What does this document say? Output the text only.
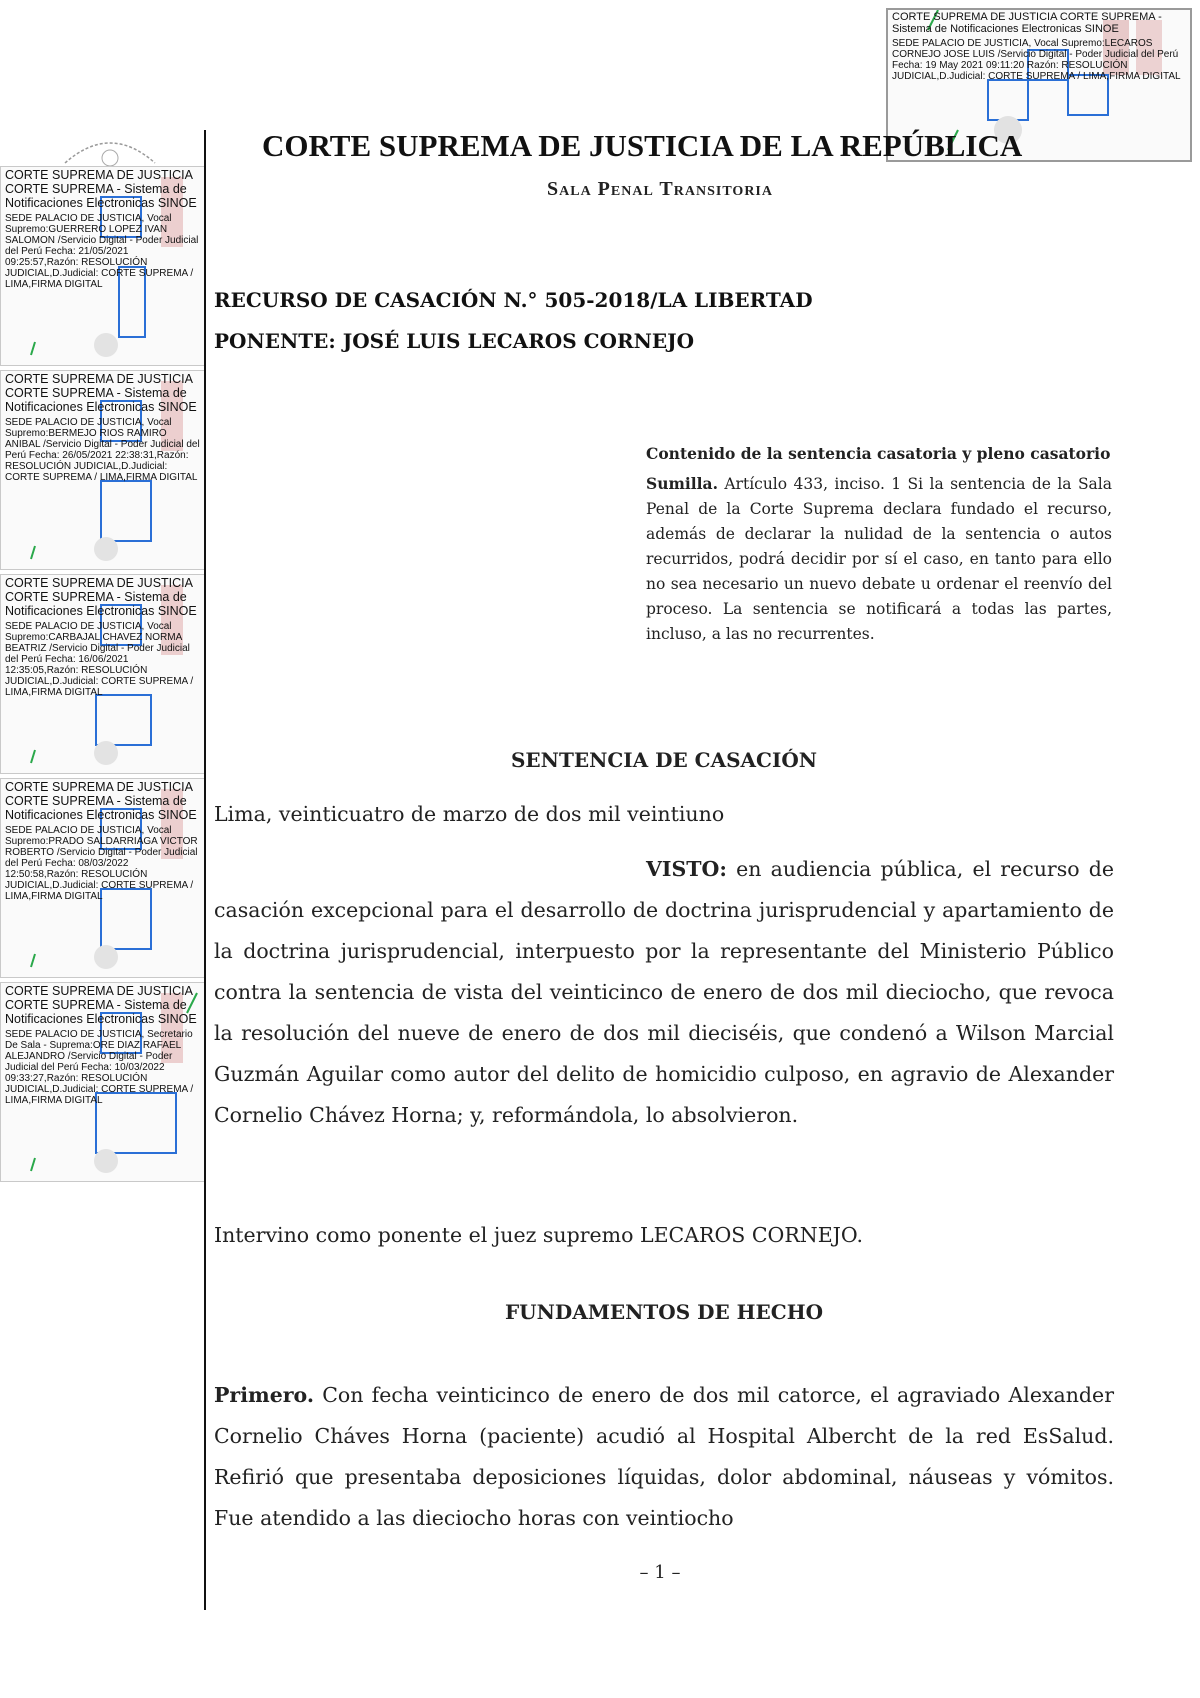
CORTE SUPREMA DE JUSTICIA CORTE SUPREMA - Sistema de Notificaciones Electronicas SINOE
SEDE PALACIO DE JUSTICIA, Vocal Supremo:LECAROS CORNEJO JOSE LUIS /Servicio Digital - Poder Judicial del Perú Fecha: 19 May 2021 09:11:20 Razón: RESOLUCIÓN JUDICIAL,D.Judicial: CORTE SUPREMA / LIMA,FIRMA DIGITAL
CORTE SUPREMA DE JUSTICIA CORTE SUPREMA - Sistema de Notificaciones Electronicas SINOE
SEDE PALACIO DE JUSTICIA, Vocal Supremo:GUERRERO LOPEZ IVAN SALOMON /Servicio Digital - Poder Judicial del Perú Fecha: 21/05/2021 09:25:57,Razón: RESOLUCIÓN JUDICIAL,D.Judicial: CORTE SUPREMA / LIMA,FIRMA DIGITAL
CORTE SUPREMA DE JUSTICIA CORTE SUPREMA - Sistema de Notificaciones Electronicas SINOE
SEDE PALACIO DE JUSTICIA, Vocal Supremo:BERMEJO RIOS RAMIRO ANIBAL /Servicio Digital - Poder Judicial del Perú Fecha: 26/05/2021 22:38:31,Razón: RESOLUCIÓN JUDICIAL,D.Judicial: CORTE SUPREMA / LIMA,FIRMA DIGITAL
CORTE SUPREMA DE JUSTICIA CORTE SUPREMA - Sistema de Notificaciones Electronicas SINOE
SEDE PALACIO DE JUSTICIA, Vocal Supremo:CARBAJAL CHAVEZ NORMA BEATRIZ /Servicio Digital - Poder Judicial del Perú Fecha: 16/06/2021 12:35:05,Razón: RESOLUCIÓN JUDICIAL,D.Judicial: CORTE SUPREMA / LIMA,FIRMA DIGITAL
CORTE SUPREMA DE JUSTICIA CORTE SUPREMA - Sistema de Notificaciones Electronicas SINOE
SEDE PALACIO DE JUSTICIA, Vocal Supremo:PRADO SALDARRIAGA VICTOR ROBERTO /Servicio Digital - Poder Judicial del Perú Fecha: 08/03/2022 12:50:58,Razón: RESOLUCIÓN JUDICIAL,D.Judicial: CORTE SUPREMA / LIMA,FIRMA DIGITAL
CORTE SUPREMA DE JUSTICIA CORTE SUPREMA - Sistema de Notificaciones Electronicas SINOE
SEDE PALACIO DE JUSTICIA, Secretario De Sala - Suprema:ORE DIAZ RAFAEL ALEJANDRO /Servicio Digital - Poder Judicial del Perú Fecha: 10/03/2022 09:33:27,Razón: RESOLUCIÓN JUDICIAL,D.Judicial: CORTE SUPREMA / LIMA,FIRMA DIGITAL
CORTE SUPREMA DE JUSTICIA DE LA REPÚBLICA
Sala Penal Transitoria
RECURSO DE CASACIÓN N.° 505-2018/LA LIBERTAD
PONENTE: JOSÉ LUIS LECAROS CORNEJO
Contenido de la sentencia casatoria y pleno casatorio
Sumilla. Artículo 433, inciso. 1 Si la sentencia de la Sala Penal de la Corte Suprema declara fundado el recurso, además de declarar la nulidad de la sentencia o autos recurridos, podrá decidir por sí el caso, en tanto para ello no sea necesario un nuevo debate u ordenar el reenvío del proceso. La sentencia se notificará a todas las partes, incluso, a las no recurrentes.
SENTENCIA DE CASACIÓN
Lima, veinticuatro de marzo de dos mil veintiuno
VISTO: en audiencia pública, el recurso de casación excepcional para el desarrollo de doctrina jurisprudencial y apartamiento de la doctrina jurisprudencial, interpuesto por la representante del Ministerio Público contra la sentencia de vista del veinticinco de enero de dos mil dieciocho, que revoca la resolución del nueve de enero de dos mil dieciséis, que condenó a Wilson Marcial Guzmán Aguilar como autor del delito de homicidio culposo, en agravio de Alexander Cornelio Chávez Horna; y, reformándola, lo absolvieron.
Intervino como ponente el juez supremo LECAROS CORNEJO.
FUNDAMENTOS DE HECHO
Primero. Con fecha veinticinco de enero de dos mil catorce, el agraviado Alexander Cornelio Cháves Horna (paciente) acudió al Hospital Albercht de la red EsSalud. Refirió que presentaba deposiciones líquidas, dolor abdominal, náuseas y vómitos. Fue atendido a las dieciocho horas con veintiocho
– 1 –
